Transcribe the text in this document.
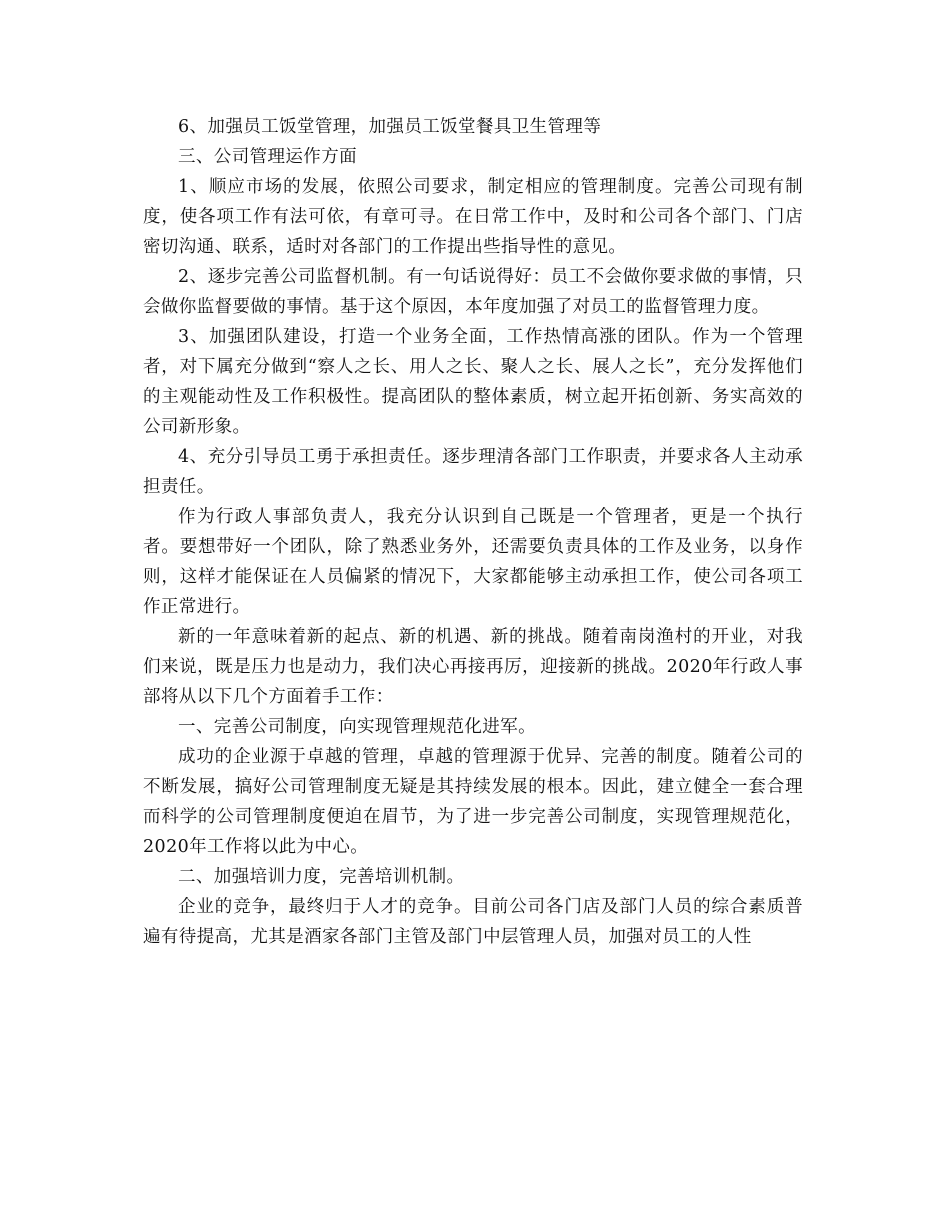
6、加强员工饭堂管理，加强员工饭堂餐具卫生管理等

三、公司管理运作方面

1、顺应市场的发展，依照公司要求，制定相应的管理制度。完善公司现有制度，使各项工作有法可依，有章可寻。在日常工作中，及时和公司各个部门、门店密切沟通、联系，适时对各部门的工作提出些指导性的意见。

2、逐步完善公司监督机制。有一句话说得好：员工不会做你要求做的事情，只会做你监督要做的事情。基于这个原因，本年度加强了对员工的监督管理力度。

3、加强团队建设，打造一个业务全面，工作热情高涨的团队。作为一个管理者，对下属充分做到“察人之长、用人之长、聚人之长、展人之长”，充分发挥他们的主观能动性及工作积极性。提高团队的整体素质，树立起开拓创新、务实高效的公司新形象。

4、充分引导员工勇于承担责任。逐步理清各部门工作职责，并要求各人主动承担责任。

作为行政人事部负责人，我充分认识到自己既是一个管理者，更是一个执行者。要想带好一个团队，除了熟悉业务外，还需要负责具体的工作及业务，以身作则，这样才能保证在人员偏紧的情况下，大家都能够主动承担工作，使公司各项工作正常进行。

新的一年意味着新的起点、新的机遇、新的挑战。随着南岗渔村的开业，对我们来说，既是压力也是动力，我们决心再接再厉，迎接新的挑战。2020年行政人事部将从以下几个方面着手工作：

一、完善公司制度，向实现管理规范化进军。

成功的企业源于卓越的管理，卓越的管理源于优异、完善的制度。随着公司的不断发展，搞好公司管理制度无疑是其持续发展的根本。因此，建立健全一套合理而科学的公司管理制度便迫在眉节，为了进一步完善公司制度，实现管理规范化，2020年工作将以此为中心。

二、加强培训力度，完善培训机制。

企业的竞争，最终归于人才的竞争。目前公司各门店及部门人员的综合素质普遍有待提高，尤其是酒家各部门主管及部门中层管理人员，加强对员工的人性
